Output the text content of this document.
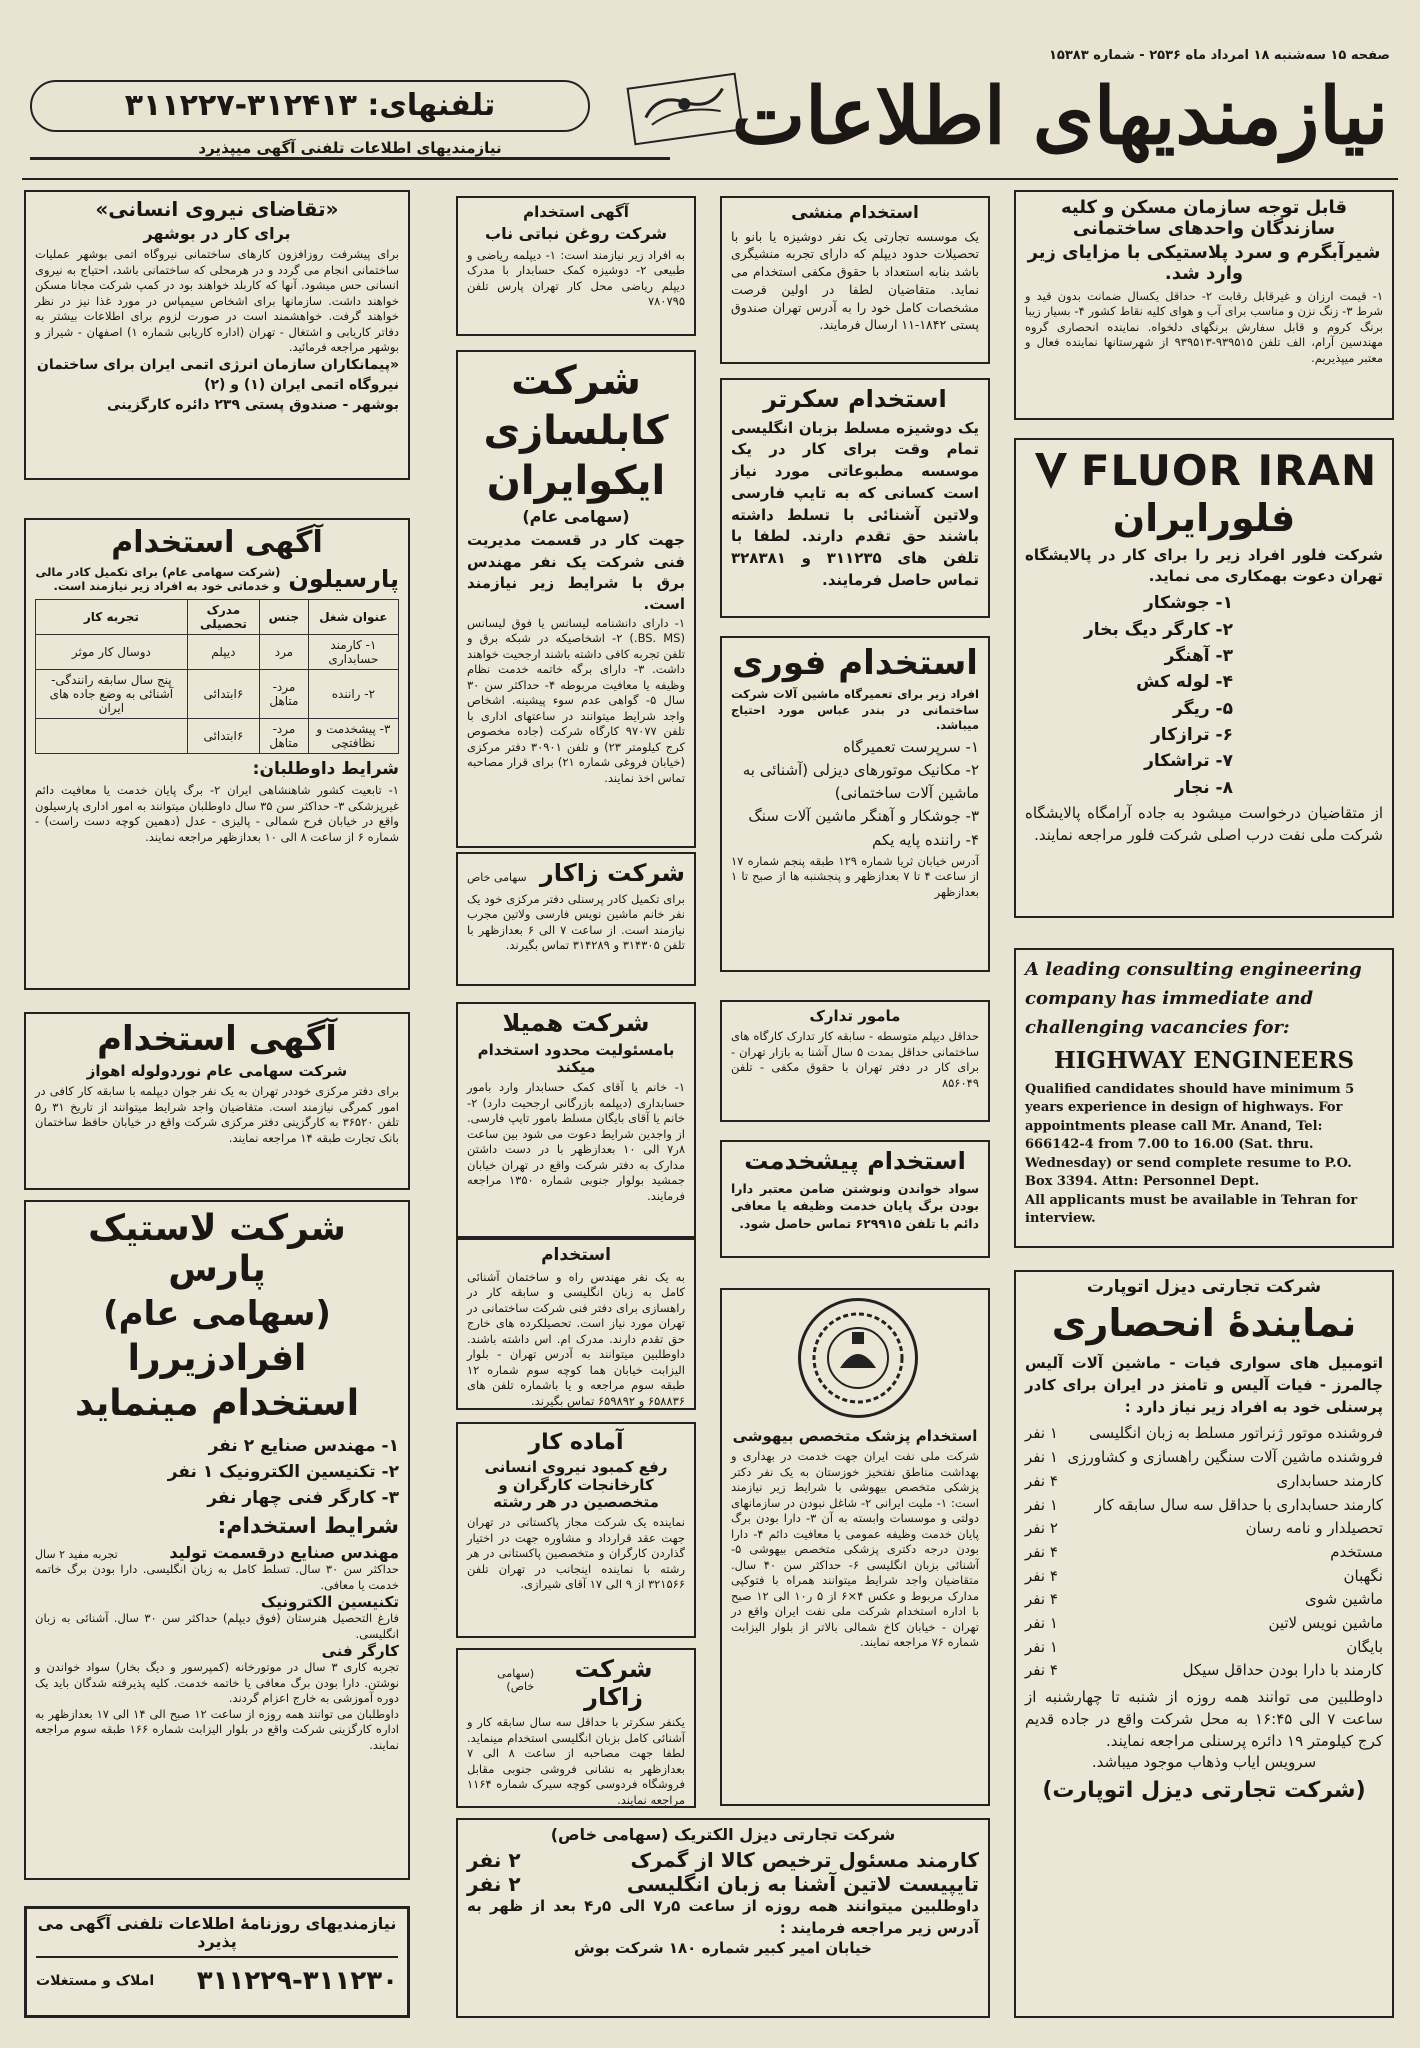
صفحه ۱۵ سه‌شنبه ۱۸ امرداد ماه ۲۵۳۶ - شماره ۱۵۳۸۳
نیازمندیهای اطلاعات
تلفنهای: ۳۱۲۴۱۳-۳۱۱۲۲۷
نیازمندیهای اطلاعات تلفنی آگهی میپذیرد
قابل توجه سازمان مسکن و کلیه سازندگان واحدهای ساختمانی
شیرآبگرم و سرد پلاستیکی با مزایای زیر وارد شد.

۱- قیمت ارزان و غیرقابل رقابت ۲- حداقل یکسال ضمانت بدون قید و شرط ۳- زنگ نزن و مناسب برای آب و هوای کلیه نقاط کشور ۴- بسیار زیبا برنگ کروم و قابل سفارش برنگهای دلخواه. نماینده انحصاری گروه مهندسین آرام، الف تلفن ۹۳۹۵۱۵-۹۳۹۵۱۳ از شهرستانها نماینده فعال و معتبر میپذیریم.

FLUOR IRAN
فلورایران

شرکت فلور افراد زیر را برای کار در پالایشگاه تهران دعوت بهمکاری می نماید.

۱- جوشکار
۲- کارگر دیگ بخار
۳- آهنگر
۴- لوله کش
۵- ریگر
۶- ترازکار
۷- تراشکار
۸- نجار

از متقاضیان درخواست میشود به جاده آرامگاه پالایشگاه شرکت ملی نفت درب اصلی شرکت فلور مراجعه نمایند.

A leading consulting engineering company has immediate and challenging vacancies for:

HIGHWAY ENGINEERS

Qualified candidates should have minimum 5 years experience in design of highways. For appointments please call Mr. Anand, Tel: 666142-4 from 7.00 to 16.00 (Sat. thru. Wednesday) or send complete resume to P.O. Box 3394. Attn: Personnel Dept.

All applicants must be available in Tehran for interview.

شرکت تجارتی دیزل اتوپارت
نمایندهٔ انحصاری

اتومبیل های سواری فیات - ماشین آلات آلیس چالمرز - فیات آلیس و تامنز در ایران برای کادر پرسنلی خود به افراد زیر نیاز دارد :

فروشنده موتور ژنراتور مسلط به زبان انگلیسی
۱ نفر
فروشنده ماشین آلات سنگین راهسازی و کشاورزی
۱ نفر
کارمند حسابداری
۴ نفر
کارمند حسابداری با حداقل سه سال سابقه کار
۱ نفر
تحصیلدار و نامه رسان
۲ نفر
مستخدم
۴ نفر
نگهبان
۴ نفر
ماشین شوی
۴ نفر
ماشین نویس لاتین
۱ نفر
بایگان
۱ نفر
کارمند با دارا بودن حداقل سیکل
۴ نفر

داوطلبین می توانند همه روزه از شنبه تا چهارشنبه از ساعت ۷ الی ۱۶:۴۵ به محل شرکت واقع در جاده قدیم کرج کیلومتر ۱۹ دائره پرسنلی مراجعه نمایند.

سرویس ایاب وذهاب موجود میباشد.

(شرکت تجارتی دیزل اتوپارت)
استخدام منشی

یک موسسه تجارتی یک نفر دوشیزه یا بانو با تحصیلات حدود دیپلم که دارای تجربه منشیگری باشد بنابه استعداد با حقوق مکفی استخدام می نماید. متقاضیان لطفا در اولین فرصت مشخصات کامل خود را به آدرس تهران صندوق پستی ۱۸۴۲-۱۱ ارسال فرمایند.

استخدام سکرتر

یک دوشیزه مسلط بزبان انگلیسی تمام وقت برای کار در یک موسسه مطبوعاتی مورد نیاز است کسانی که به تایپ فارسی ولاتین آشنائی با تسلط داشته باشند حق تقدم دارند. لطفا با تلفن های ۳۱۱۲۳۵ و ۳۲۸۳۸۱ تماس حاصل فرمایند.

استخدام فوری

افراد زیر برای تعمیرگاه ماشین آلات شرکت ساختمانی در بندر عباس مورد احتیاج میباشد.

۱- سرپرست تعمیرگاه
۲- مکانیک موتورهای دیزلی (آشنائی به ماشین آلات ساختمانی)
۳- جوشکار و آهنگر ماشین آلات سنگ
۴- راننده پایه یکم

آدرس خیابان ثریا شماره ۱۲۹ طبقه پنجم شماره ۱۷ از ساعت ۴ تا ۷ بعدازظهر و پنجشنبه ها از صبح تا ۱ بعدازظهر

مامور تدارک

حداقل دیپلم متوسطه - سابقه کار تدارک کارگاه های ساختمانی حداقل بمدت ۵ سال آشنا به بازار تهران - برای کار در دفتر تهران با حقوق مکفی - تلفن ۸۵۶۰۴۹

استخدام پیشخدمت

سواد خواندن ونوشتن ضامن معتبر دارا بودن برگ پایان خدمت وظیفه یا معافی دائم با تلفن ۶۲۹۹۱۵ تماس حاصل شود.

استخدام پزشک متخصص بیهوشی

شرکت ملی نفت ایران جهت خدمت در بهداری و بهداشت مناطق نفتخیز خوزستان به یک نفر دکتر پزشکی متخصص بیهوشی با شرایط زیر نیازمند است: ۱- ملیت ایرانی ۲- شاغل نبودن در سازمانهای دولتی و موسسات وابسته به آن ۳- دارا بودن برگ پایان خدمت وظیفه عمومی یا معافیت دائم ۴- دارا بودن درجه دکتری پزشکی متخصص بیهوشی ۵- آشنائی بزبان انگلیسی ۶- حداکثر سن ۴۰ سال. متقاضیان واجد شرایط میتوانند همراه با فتوکپی مدارک مربوط و عکس ۴×۶ از ۵ ر۱۰ الی ۱۲ صبح با اداره استخدام شرکت ملی نفت ایران واقع در تهران - خیابان کاخ شمالی بالاتر از بلوار الیزابت شماره ۷۶ مراجعه نمایند.

آگهی استخدام
شرکت روغن نباتی ناب

به افراد زیر نیازمند است: ۱- دیپلمه ریاضی و طبیعی ۲- دوشیزه کمک حسابدار با مدرک دیپلم ریاضی محل کار تهران پارس تلفن ۷۸۰۷۹۵

شرکت
کابلسازی
ایکوایران
(سهامی عام)

جهت کار در قسمت مدیریت فنی شرکت یک نفر مهندس برق با شرایط زیر نیازمند است.

۱- دارای دانشنامه لیسانس یا فوق لیسانس (BS. MS.) ۲- اشخاصیکه در شبکه برق و تلفن تجربه کافی داشته باشند ارجحیت خواهند داشت. ۳- دارای برگه خاتمه خدمت نظام وظیفه یا معافیت مربوطه ۴- حداکثر سن ۳۰ سال ۵- گواهی عدم سوء پیشینه. اشخاص واجد شرایط میتوانند در ساعتهای اداری با تلفن ۹۷۰۷۷ کارگاه شرکت (جاده مخصوص کرج کیلومتر ۲۳) و تلفن ۳۰۹۰۱ دفتر مرکزی (خیابان فروغی شماره ۲۱) برای قرار مصاحبه تماس اخذ نمایند.

شرکت زاکار
سهامی خاص

برای تکمیل کادر پرسنلی دفتر مرکزی خود یک نفر خانم ماشین نویس فارسی ولاتین مجرب نیازمند است. از ساعت ۷ الی ۶ بعدازظهر با تلفن ۳۱۴۳۰۵ و ۳۱۴۲۸۹ تماس بگیرند.

شرکت همیلا
بامسئولیت محدود استخدام میکند

۱- خانم یا آقای کمک حسابدار وارد بامور حسابداری (دیپلمه بازرگانی ارجحیت دارد) ۲- خانم یا آقای بایگان مسلط بامور تایپ فارسی. از واجدین شرایط دعوت می شود بین ساعت ۸ر۷ الی ۱۰ بعدازظهر با در دست داشتن مدارک به دفتر شرکت واقع در تهران خیابان جمشید بولوار جنوبی شماره ۱۳۵۰ مراجعه فرمایند.

استخدام

به یک نفر مهندس راه و ساختمان آشنائی کامل به زبان انگلیسی و سابقه کار در راهسازی برای دفتر فنی شرکت ساختمانی در تهران مورد نیاز است. تحصیلکرده های خارج حق تقدم دارند. مدرک ام. اس داشته باشند. داوطلبین میتوانند به آدرس تهران - بلوار الیزابت خیابان هما کوچه سوم شماره ۱۲ طبقه سوم مراجعه و یا باشماره تلفن های ۶۵۸۸۳۶ و ۶۵۹۸۹۲ تماس بگیرند.

آماده کار
رفع کمبود نیروی انسانی کارخانجات کارگران و متخصصین در هر رشته

نماینده یک شرکت مجاز پاکستانی در تهران جهت عقد قرارداد و مشاوره جهت در اختیار گذاردن کارگران و متخصصین پاکستانی در هر رشته با نماینده اینجانب در تهران تلفن ۳۲۱۵۶۶ از ۹ الی ۱۷ آقای شیرازی.

شرکت زاکار
(سهامی خاص)

یکنفر سکرتر با حداقل سه سال سابقه کار و آشنائی کامل بزبان انگلیسی استخدام مینماید. لطفا جهت مصاحبه از ساعت ۸ الی ۷ بعدازظهر به نشانی فروشی جنوبی مقابل فروشگاه فردوسی کوچه سیرک شماره ۱۱۶۴ مراجعه نمایند.

شرکت تجارتی دیزل الکتریک (سهامی خاص)
کارمند مسئول ترخیص کالا از گمرک
۲ نفر
تایپیست لاتین آشنا به زبان انگلیسی
۲ نفر

داوطلبین میتوانند همه روزه از ساعت ۵ر۷ الی ۵ر۴ بعد از ظهر به آدرس زیر مراجعه فرمایند :

خیابان امیر کبیر شماره ۱۸۰ شرکت بوش
«تقاضای نیروی انسانی»
برای کار در بوشهر

برای پیشرفت روزافزون کارهای ساختمانی نیروگاه اتمی بوشهر عملیات ساختمانی انجام می گردد و در هرمحلی که ساختمانی باشد، احتیاج به نیروی انسانی حس میشود. آنها که کاربلد خواهند بود در کمپ شرکت مجانا مسکن خواهند داشت. سازمانها برای اشخاص سیمپاس در مورد غذا نیز در نظر خواهند گرفت. خواهشمند است در صورت لزوم برای اطلاعات بیشتر به دفاتر کاریابی و اشتغال - تهران (اداره کاریابی شماره ۱) اصفهان - شیراز و بوشهر مراجعه فرمائید.

«پیمانکاران سازمان انرژی اتمی ایران برای ساختمان

نیروگاه اتمی ایران (۱) و (۲)

بوشهر - صندوق پستی ۲۳۹ دائره کارگزینی

آگهی استخدام
پارسیلون
(شرکت سهامی عام) برای تکمیل کادر مالی و خدماتی خود به افراد زیر نیازمند است.
عنوان شغل	جنس	مدرک تحصیلی	تجربه کار
۱- کارمند حسابداری	مرد	دیپلم	دوسال کار موثر
۲- راننده	مرد-متاهل	۶ابتدائی	پنج سال سابقه رانندگی-آشنائی به وضع جاده های ایران
۳- پیشخدمت و نظافتچی	مرد-متاهل	۶ابتدائی	
شرایط داوطلبان:

۱- تابعیت کشور شاهنشاهی ایران ۲- برگ پایان خدمت یا معافیت دائم غیرپزشکی ۳- حداکثر سن ۳۵ سال داوطلبان میتوانند به امور اداری پارسیلون واقع در خیابان فرح شمالی - پالیزی - عدل (دهمین کوچه دست راست) - شماره ۶ از ساعت ۸ الی ۱۰ بعدازظهر مراجعه نمایند.

آگهی استخدام
شرکت سهامی عام نوردولوله اهواز

برای دفتر مرکزی خوددر تهران به یک نفر جوان دیپلمه با سابقه کار کافی در امور کمرگی نیازمند است. متقاضیان واجد شرایط میتوانند از تاریخ ۳۱ ر۵ تلفن ۳۶۵۲۰ به کارگزینی دفتر مرکزی شرکت واقع در خیابان حافظ ساختمان بانک تجارت طبقه ۱۴ مراجعه نمایند.

شرکت لاستیک پارس
(سهامی عام)
افرادزیررا
استخدام مینماید
۱- مهندس صنایع ۲ نفر
۲- تکنیسین الکترونیک ۱ نفر
۳- کارگر فنی چهار نفر
شرایط استخدام:
مهندس صنایع درقسمت تولید
تجربه مفید ۲ سال

حداکثر سن ۳۰ سال. تسلط کامل به زبان انگلیسی. دارا بودن برگ خاتمه خدمت یا معافی.

تکنیسین الکترونیک

فارغ التحصیل هنرستان (فوق دیپلم) حداکثر سن ۳۰ سال. آشنائی به زبان انگلیسی.

کارگر فنی

تجربه کاری ۳ سال در موتورخانه (کمپرسور و دیگ بخار) سواد خواندن و نوشتن. دارا بودن برگ معافی یا خاتمه خدمت. کلیه پذیرفته شدگان باید یک دوره آموزشی به خارج اعزام گردند.

داوطلبان می توانند همه روزه از ساعت ۱۲ صبح الی ۱۴ الی ۱۷ بعدازظهر به اداره کارگزینی شرکت واقع در بلوار الیزابت شماره ۱۶۶ طبقه سوم مراجعه نمایند.

نیازمندیهای روزنامهٔ اطلاعات تلفنی آگهی می پذیرد
۳۱۱۲۲۹-۳۱۱۲۳۰
املاک و مستغلات
